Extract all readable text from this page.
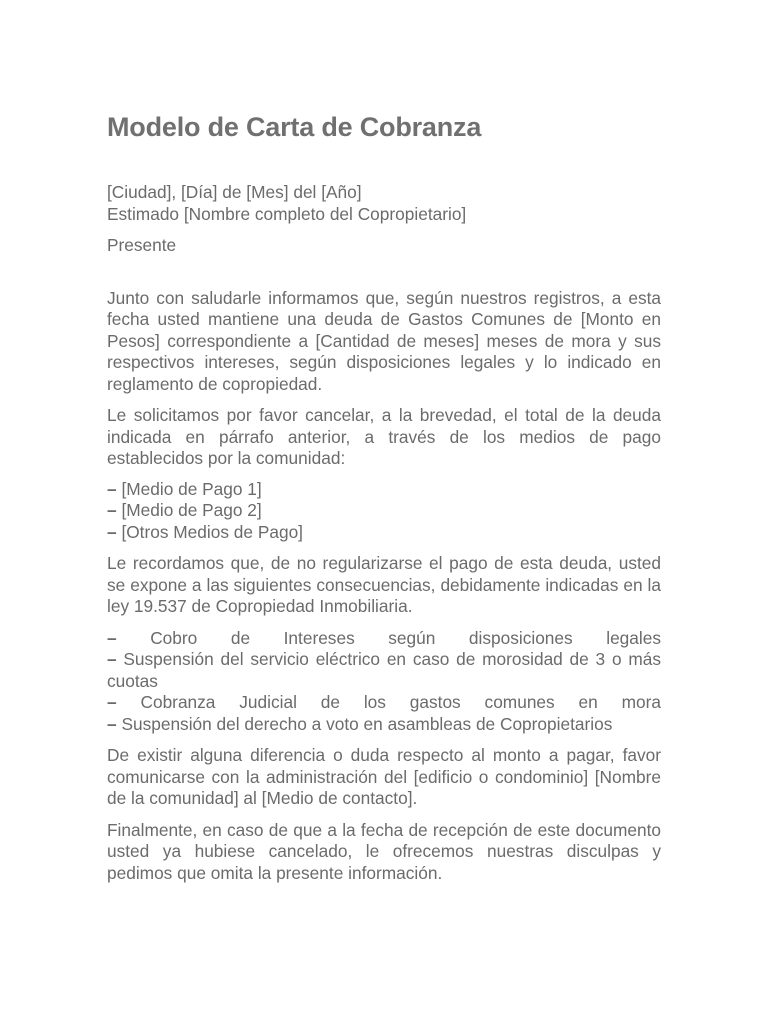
Modelo de Carta de Cobranza

[Ciudad], [Día] de [Mes] del [Año]

Estimado [Nombre completo del Copropietario]

Presente

Junto con saludarle informamos que, según nuestros registros, a esta fecha usted mantiene una deuda de Gastos Comunes de [Monto en Pesos] correspondiente a [Cantidad de meses] meses de mora y sus respectivos intereses, según disposiciones legales y lo indicado en reglamento de copropiedad.

Le solicitamos por favor cancelar, a la brevedad, el total de la deuda indicada en párrafo anterior, a través de los medios de pago establecidos por la comunidad:

– [Medio de Pago 1]

– [Medio de Pago 2]

– [Otros Medios de Pago]

Le recordamos que, de no regularizarse el pago de esta deuda, usted se expone a las siguientes consecuencias, debidamente indicadas en la ley 19.537 de Copropiedad Inmobiliaria.

– Cobro de Intereses según disposiciones legales

– Suspensión del servicio eléctrico en caso de morosidad de 3 o más cuotas

– Cobranza Judicial de los gastos comunes en mora

– Suspensión del derecho a voto en asambleas de Copropietarios

De existir alguna diferencia o duda respecto al monto a pagar, favor comunicarse con la administración del [edificio o condominio] [Nombre de la comunidad] al [Medio de contacto].

Finalmente, en caso de que a la fecha de recepción de este documento usted ya hubiese cancelado, le ofrecemos nuestras disculpas y pedimos que omita la presente información.
